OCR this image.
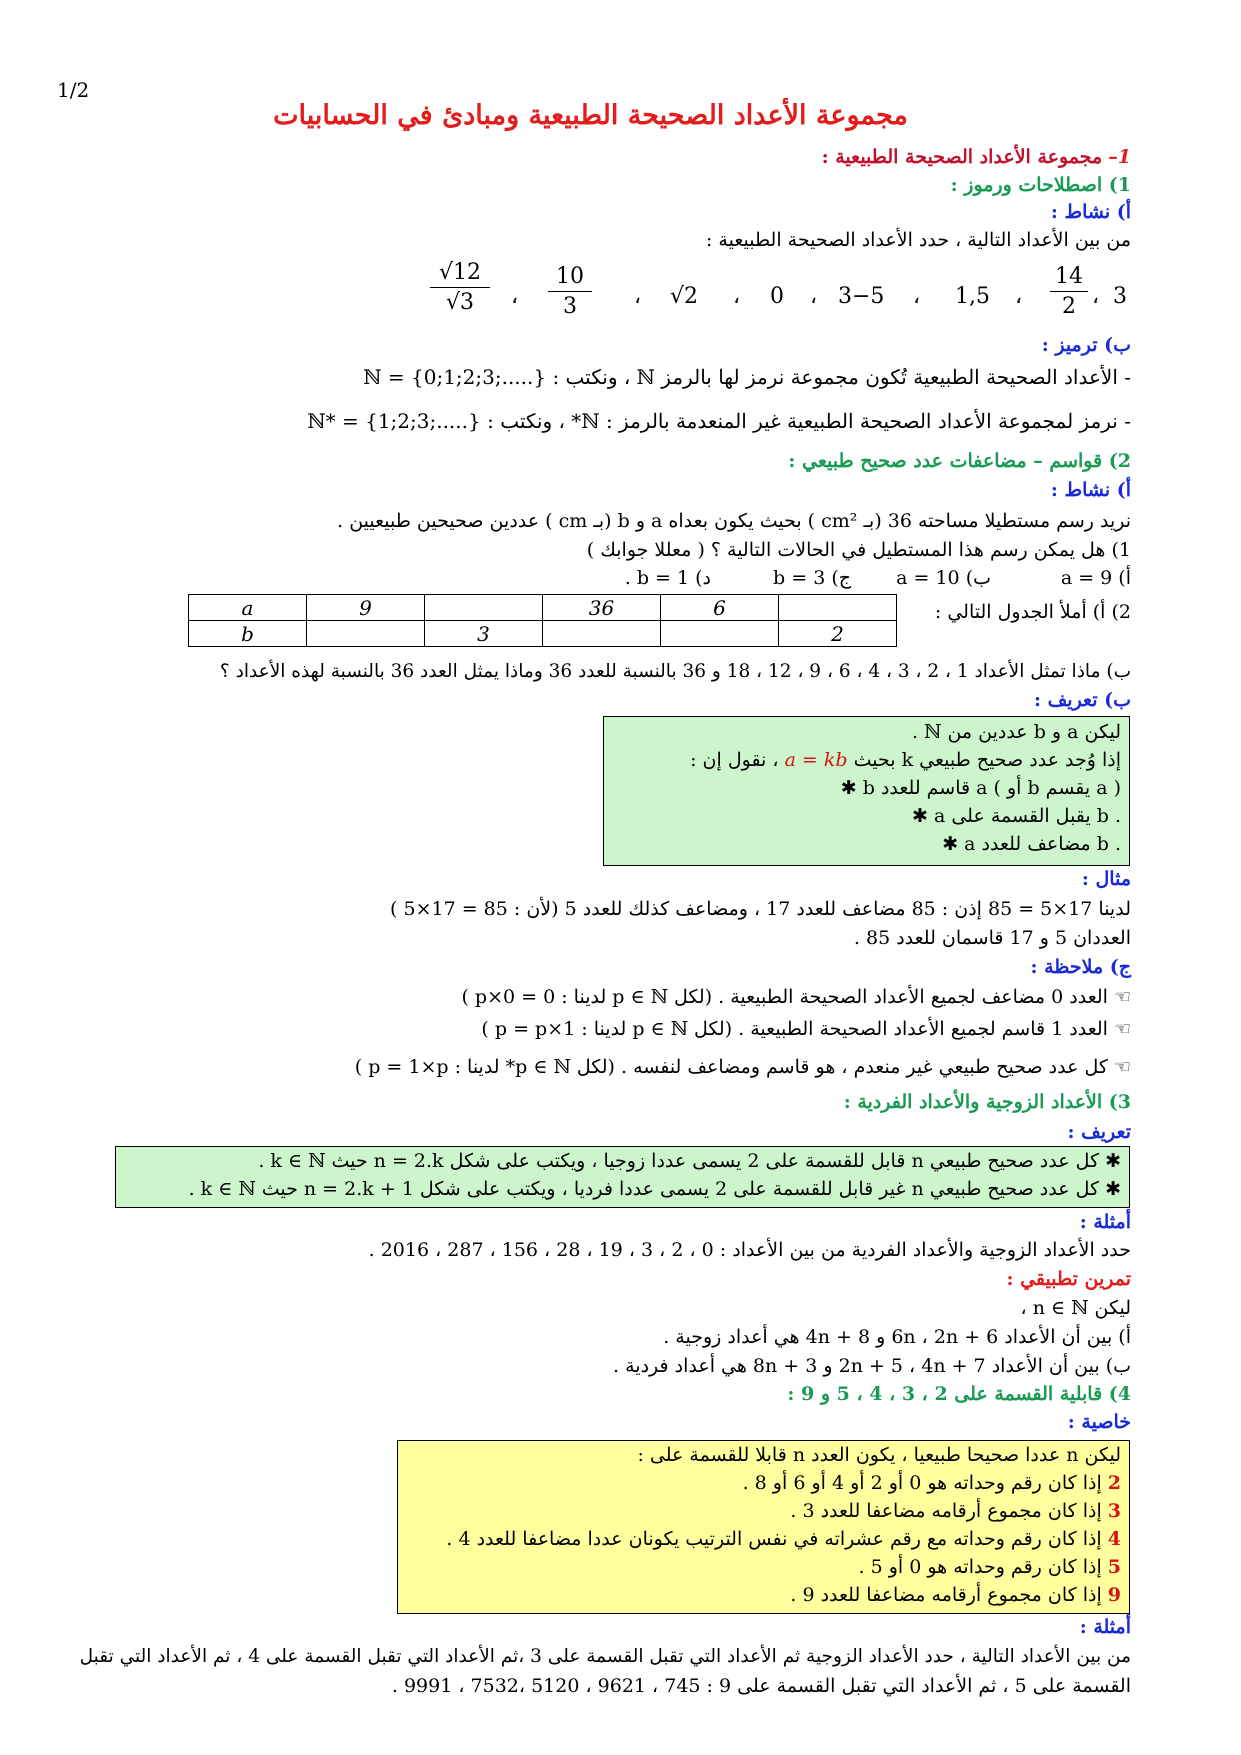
1/2
مجموعة الأعداد الصحيحة الطبيعية ومبادئ في الحسابيات
1– مجموعة الأعداد الصحيحة الطبيعية :
1) اصطلاحات ورموز :
أ) نشاط :
من بين الأعداد التالية ، حدد الأعداد الصحيحة الطبيعية :
3
،
14
2
،
1,5
،
3−5
،
0
،
√2
،
10
3
،
√12
√3
ب) ترميز :
- الأعداد الصحيحة الطبيعية تُكون مجموعة نرمز لها بالرمز ℕ ، ونكتب : ℕ = {0;1;2;3;.....}
- نرمز لمجموعة الأعداد الصحيحة الطبيعية غير المنعدمة بالرمز : ℕ* ، ونكتب : ℕ* = {1;2;3;.....}
2) قواسم – مضاعفات عدد صحيح طبيعي :
أ) نشاط :
نريد رسم مستطيلا مساحته 36 (بـ cm² ) بحيث يكون بعداه a و b (بـ cm ) عددين صحيحين طبيعيين .
1) هل يمكن رسم هذا المستطيل في الحالات التالية ؟ ( معللا جوابك )
أ) a = 9
ب) a = 10
ج) b = 3
د) b = 1 .
2) أ) أملأ الجدول التالي :
a	9		36	6	
b		3			2
ب) ماذا تمثل الأعداد 1 ، 2 ، 3 ، 4 ، 6 ، 9 ، 12 ، 18 و 36 بالنسبة للعدد 36 وماذا يمثل العدد 36 بالنسبة لهذه الأعداد ؟
ب) تعريف :
ليكن a و b عددين من ℕ .
إذا وُجد عدد صحيح طبيعي k بحيث a = kb ، نقول إن :
✱ b قاسم للعدد a ( أو b يقسم a )
✱ a يقبل القسمة على b .
✱ a مضاعف للعدد b .
مثال :
لدينا 17×5 = 85 إذن : 85 مضاعف للعدد 17 ، ومضاعف كذلك للعدد 5 (لأن : 85 = 17×5 )
العددان 5 و 17 قاسمان للعدد 85 .
ج) ملاحظة :
☜ العدد 0 مضاعف لجميع الأعداد الصحيحة الطبيعية . (لكل p ∈ ℕ لدينا : 0 = 0×p )
☜ العدد 1 قاسم لجميع الأعداد الصحيحة الطبيعية . (لكل p ∈ ℕ لدينا : p = p×1 )
☜ كل عدد صحيح طبيعي غير منعدم ، هو قاسم ومضاعف لنفسه . (لكل p ∈ ℕ* لدينا : p = 1×p )
3) الأعداد الزوجية والأعداد الفردية :
تعريف :
✱ كل عدد صحيح طبيعي n قابل للقسمة على 2 يسمى عددا زوجيا ، ويكتب على شكل n = 2.k حيث k ∈ ℕ .
✱ كل عدد صحيح طبيعي n غير قابل للقسمة على 2 يسمى عددا فرديا ، ويكتب على شكل n = 2.k + 1 حيث k ∈ ℕ .
أمثلة :
حدد الأعداد الزوجية والأعداد الفردية من بين الأعداد : 0 ، 2 ، 3 ، 19 ، 28 ، 156 ، 287 ، 2016 .
تمرين تطبيقي :
ليكن n ∈ ℕ ،
أ) بين أن الأعداد 6n ، 2n + 6 و 4n + 8 هي أعداد زوجية .
ب) بين أن الأعداد 2n + 5 ، 4n + 7 و 8n + 3 هي أعداد فردية .
4) قابلية القسمة على 2 ، 3 ، 4 ، 5 و 9 :
خاصية :
ليكن n عددا صحيحا طبيعيا ، يكون العدد n قابلا للقسمة على :
2 إذا كان رقم وحداته هو 0 أو 2 أو 4 أو 6 أو 8 .
3 إذا كان مجموع أرقامه مضاعفا للعدد 3 .
4 إذا كان رقم وحداته مع رقم عشراته في نفس الترتيب يكونان عددا مضاعفا للعدد 4 .
5 إذا كان رقم وحداته هو 0 أو 5 .
9 إذا كان مجموع أرقامه مضاعفا للعدد 9 .
أمثلة :
من بين الأعداد التالية ، حدد الأعداد الزوجية ثم الأعداد التي تقبل القسمة على 3 ،ثم الأعداد التي تقبل القسمة على 4 ، ثم الأعداد التي تقبل
القسمة على 5 ، ثم الأعداد التي تقبل القسمة على 9 : 745 ، 9621 ، 5120 ،7532 ، 9991 .
